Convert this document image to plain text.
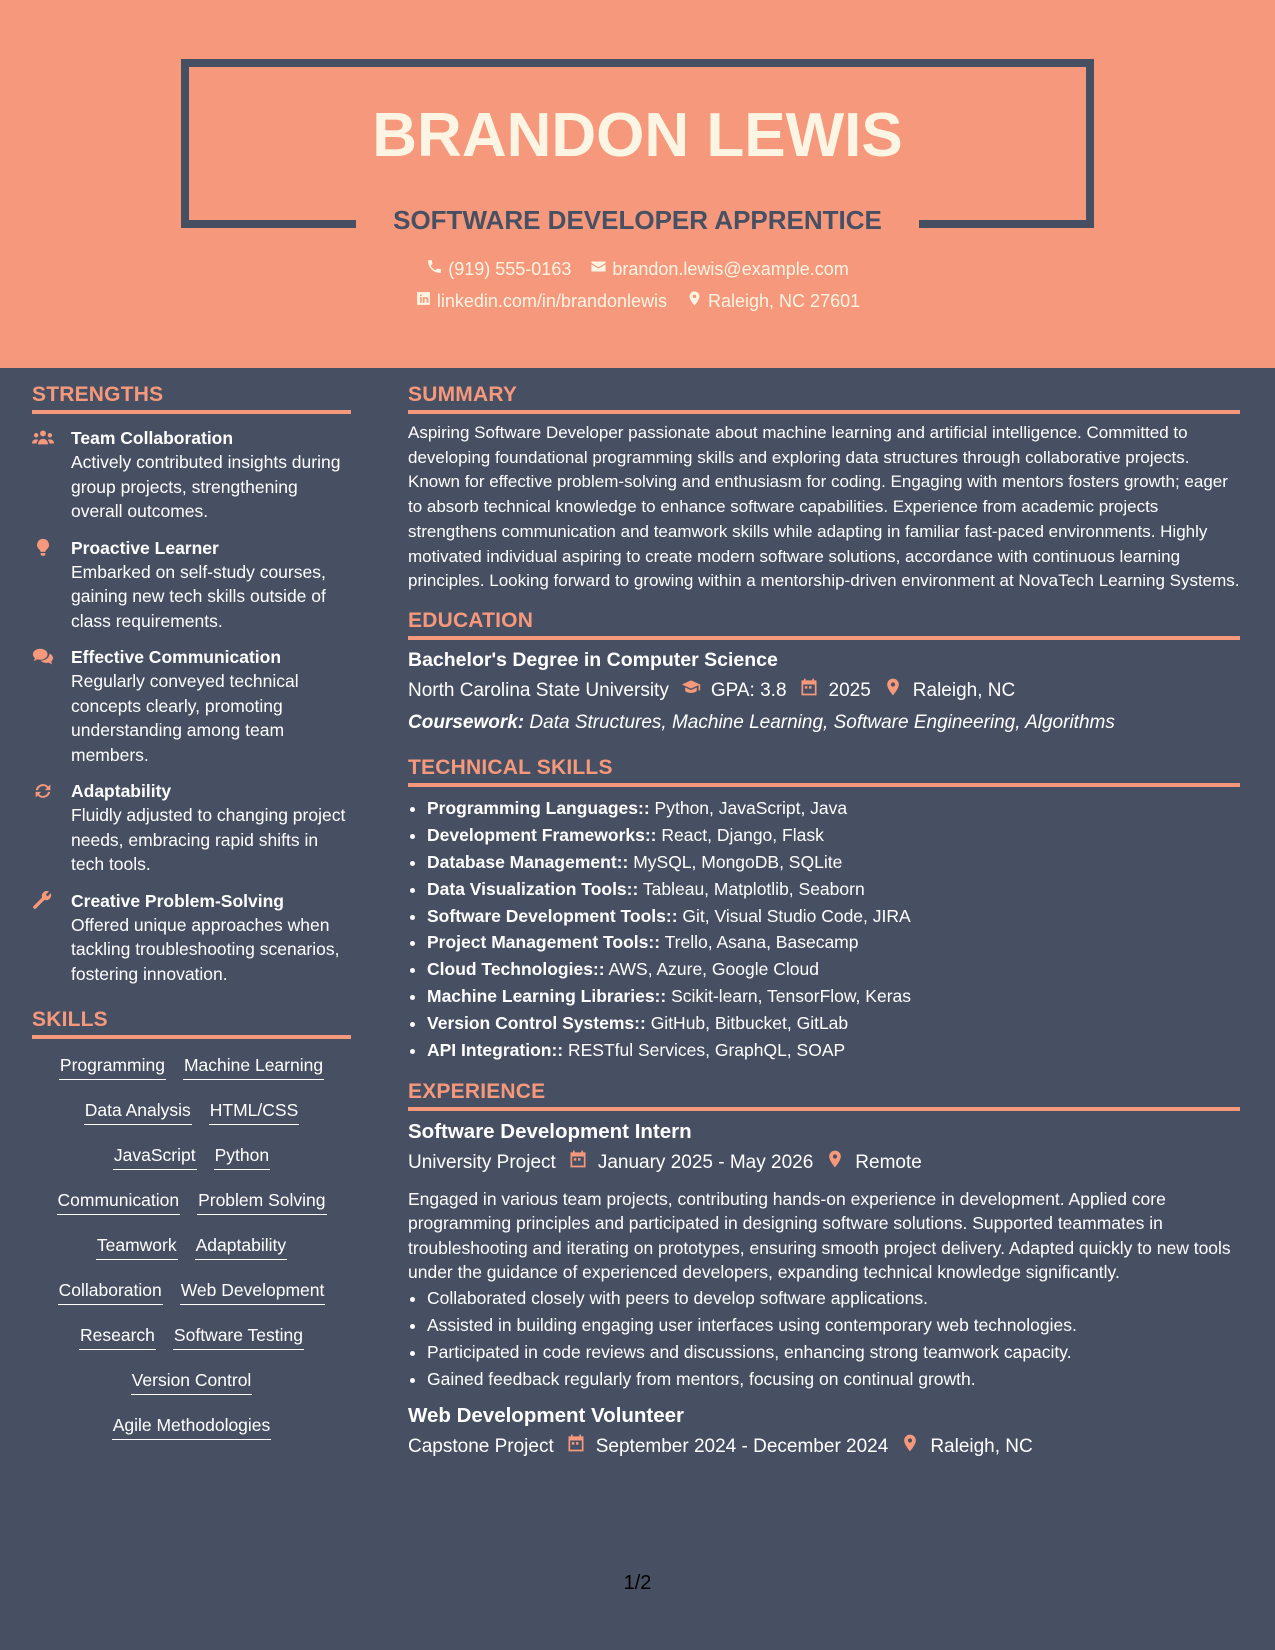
BRANDON LEWIS
SOFTWARE DEVELOPER APPRENTICE
(919) 555-0163
brandon.lewis@example.com
linkedin.com/in/brandonlewis
Raleigh, NC 27601
STRENGTHS
Team Collaboration
Actively contributed insights during group projects, strengthening overall outcomes.
Proactive Learner
Embarked on self-study courses, gaining new tech skills outside of class requirements.
Effective Communication
Regularly conveyed technical concepts clearly, promoting understanding among team members.
Adaptability
Fluidly adjusted to changing project needs, embracing rapid shifts in tech tools.
Creative Problem-Solving
Offered unique approaches when tackling troubleshooting scenarios, fostering innovation.
SKILLS
Programming Machine Learning
Data Analysis HTML/CSS
JavaScript Python
Communication Problem Solving
Teamwork Adaptability
Collaboration Web Development
Research Software Testing
Version Control
Agile Methodologies
SUMMARY
Aspiring Software Developer passionate about machine learning and artificial intelligence. Committed to developing foundational programming skills and exploring data structures through collaborative projects. Known for effective problem-solving and enthusiasm for coding. Engaging with mentors fosters growth; eager to absorb technical knowledge to enhance software capabilities. Experience from academic projects strengthens communication and teamwork skills while adapting in familiar fast-paced environments. Highly motivated individual aspiring to create modern software solutions, accordance with continuous learning principles. Looking forward to growing within a mentorship-driven environment at NovaTech Learning Systems.
EDUCATION
Bachelor's Degree in Computer Science
North Carolina State University GPA: 3.8 2025 Raleigh, NC
Coursework: Data Structures, Machine Learning, Software Engineering, Algorithms
TECHNICAL SKILLS
• Programming Languages:: Python, JavaScript, Java
• Development Frameworks:: React, Django, Flask
• Database Management:: MySQL, MongoDB, SQLite
• Data Visualization Tools:: Tableau, Matplotlib, Seaborn
• Software Development Tools:: Git, Visual Studio Code, JIRA
• Project Management Tools:: Trello, Asana, Basecamp
• Cloud Technologies:: AWS, Azure, Google Cloud
• Machine Learning Libraries:: Scikit-learn, TensorFlow, Keras
• Version Control Systems:: GitHub, Bitbucket, GitLab
• API Integration:: RESTful Services, GraphQL, SOAP
EXPERIENCE
Software Development Intern
University Project January 2025 - May 2026 Remote
Engaged in various team projects, contributing hands-on experience in development. Applied core programming principles and participated in designing software solutions. Supported teammates in troubleshooting and iterating on prototypes, ensuring smooth project delivery. Adapted quickly to new tools under the guidance of experienced developers, expanding technical knowledge significantly.
• Collaborated closely with peers to develop software applications.
• Assisted in building engaging user interfaces using contemporary web technologies.
• Participated in code reviews and discussions, enhancing strong teamwork capacity.
• Gained feedback regularly from mentors, focusing on continual growth.
Web Development Volunteer
Capstone Project September 2024 - December 2024 Raleigh, NC
1/2
